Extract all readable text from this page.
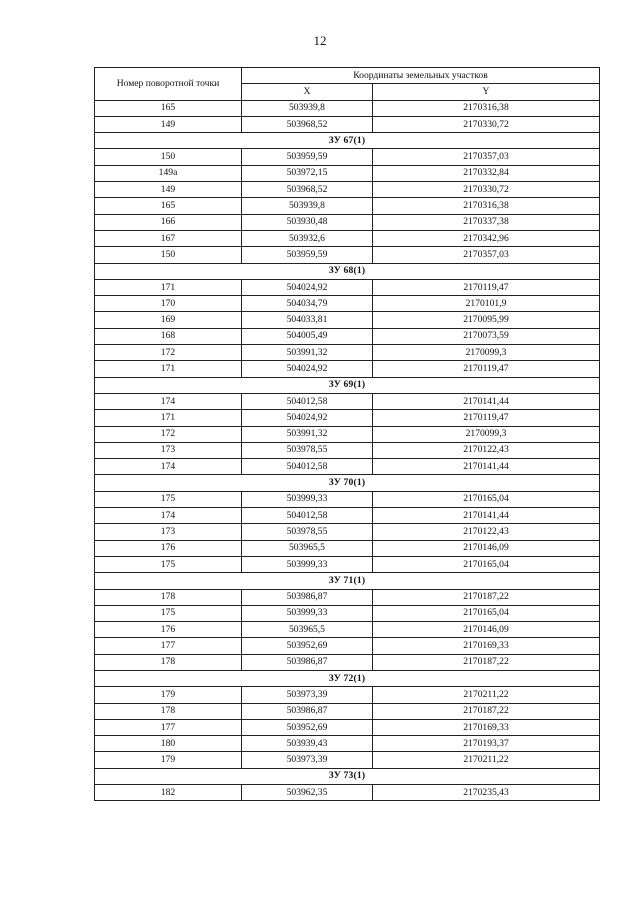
12
Номер поворотной точки	Координаты земельных участков	
	X	Y
165	503939,8	2170316,38
149	503968,52	2170330,72
ЗУ 67(1)		
150	503959,59	2170357,03
149а	503972,15	2170332,84
149	503968,52	2170330,72
165	503939,8	2170316,38
166	503930,48	2170337,38
167	503932,6	2170342,96
150	503959,59	2170357,03
ЗУ 68(1)		
171	504024,92	2170119,47
170	504034,79	2170101,9
169	504033,81	2170095,99
168	504005,49	2170073,59
172	503991,32	2170099,3
171	504024,92	2170119,47
ЗУ 69(1)		
174	504012,58	2170141,44
171	504024,92	2170119,47
172	503991,32	2170099,3
173	503978,55	2170122,43
174	504012,58	2170141,44
ЗУ 70(1)		
175	503999,33	2170165,04
174	504012,58	2170141,44
173	503978,55	2170122,43
176	503965,5	2170146,09
175	503999,33	2170165,04
ЗУ 71(1)		
178	503986,87	2170187,22
175	503999,33	2170165,04
176	503965,5	2170146,09
177	503952,69	2170169,33
178	503986,87	2170187,22
ЗУ 72(1)		
179	503973,39	2170211,22
178	503986,87	2170187,22
177	503952,69	2170169,33
180	503939,43	2170193,37
179	503973,39	2170211,22
ЗУ 73(1)		
182	503962,35	2170235,43
